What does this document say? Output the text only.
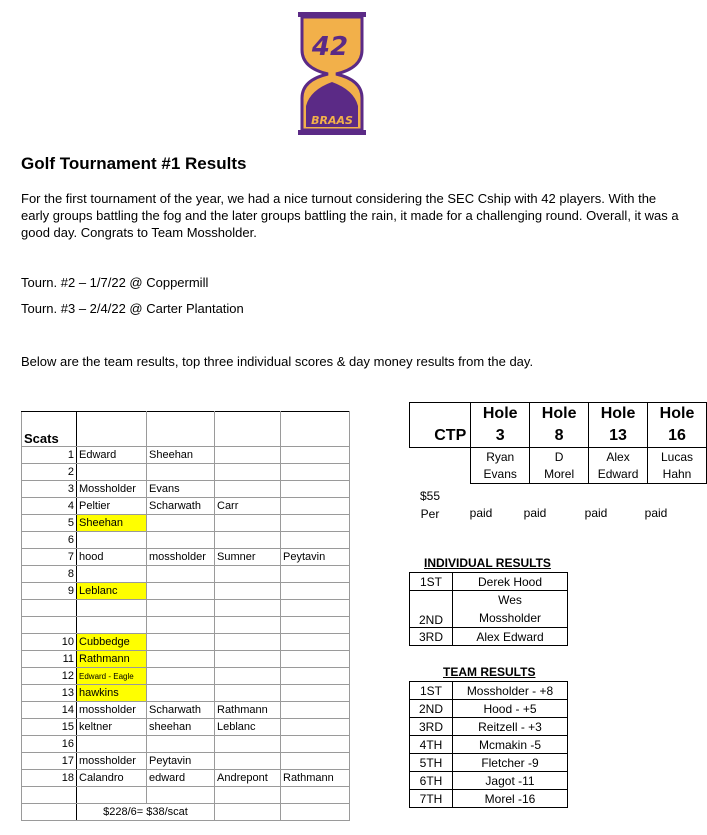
42
BRAAS
Golf Tournament #1 Results
For the first tournament of the year, we had a nice turnout considering the SEC Cship with 42 players. With the early groups battling the fog and the later groups battling the rain, it made for a challenging round. Overall, it was a good day. Congrats to Team Mossholder.
Tourn. #2 – 1/7/22 @ Coppermill
Tourn. #3 – 2/4/22 @ Carter Plantation
Below are the team results, top three individual scores & day money results from the day.
Scats				
1	Edward	Sheehan		
2				
3	Mossholder	Evans		
4	Peltier	Scharwath	Carr	
5	Sheehan			
6				
7	hood	mossholder	Sumner	Peytavin
8				
9	Leblanc			

10	Cubbedge			
11	Rathmann			
12	Edward - Eagle			
13	hawkins			
14	mossholder	Scharwath	Rathmann	
15	keltner	sheehan	Leblanc	
16				
17	mossholder	Peytavin		
18	Calandro	edward	Andrepont	Rathmann

	$228/6= $38/scat			
	Hole	Hole	Hole	Hole
CTP	3	8	13	16
	Ryan	D	Alex	Lucas
	Evans	Morel	Edward	Hahn
$55
Per	paid	paid	paid	paid
INDIVIDUAL RESULTS
1ST	Derek Hood
2ND	Wes
Mossholder

3RD	Alex Edward
TEAM RESULTS
1ST	Mossholder - +8
2ND	Hood - +5
3RD	Reitzell - +3
4TH	Mcmakin -5
5TH	Fletcher -9
6TH	Jagot -11
7TH	Morel -16
